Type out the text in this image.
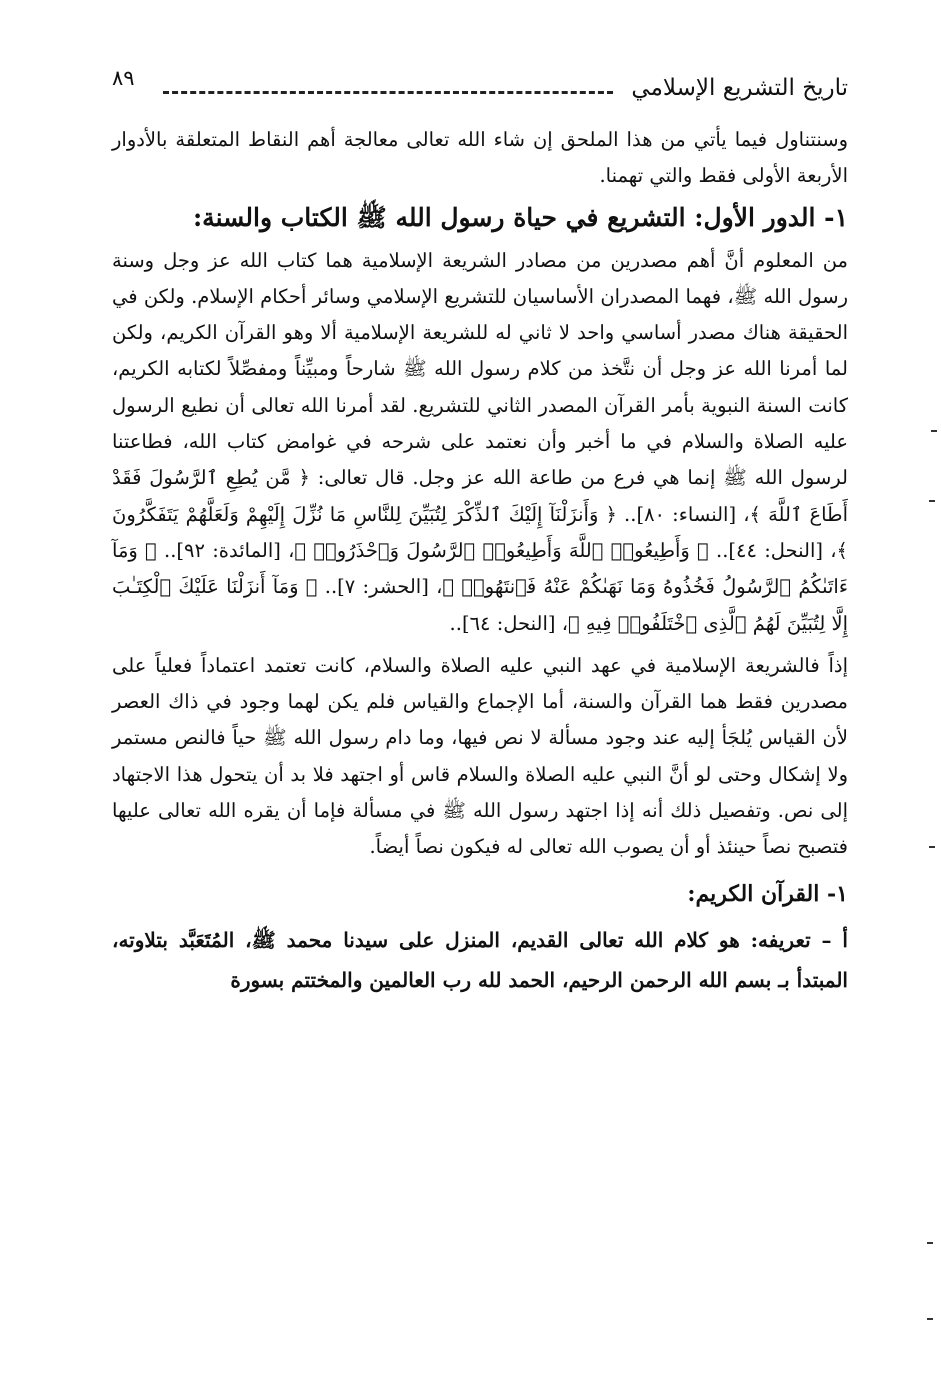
تاريخ التشريع الإسلامي
٨٩

وسنتناول فيما يأتي من هذا الملحق إن شاء الله تعالى معالجة أهم النقاط المتعلقة بالأدوار الأربعة الأولى فقط والتي تهمنا.

١- الدور الأول: التشريع في حياة رسول الله ﷺ الكتاب والسنة:

من المعلوم أنَّ أهم مصدرين من مصادر الشريعة الإسلامية هما كتاب الله عز وجل وسنة رسول الله ﷺ، فهما المصدران الأساسيان للتشريع الإسلامي وسائر أحكام الإسلام. ولكن في الحقيقة هناك مصدر أساسي واحد لا ثاني له للشريعة الإسلامية ألا وهو القرآن الكريم، ولكن لما أمرنا الله عز وجل أن نتَّخذ من كلام رسول الله ﷺ شارحاً ومبيِّناً ومفصِّلاً لكتابه الكريم، كانت السنة النبوية بأمر القرآن المصدر الثاني للتشريع. لقد أمرنا الله تعالى أن نطيع الرسول عليه الصلاة والسلام في ما أخبر وأن نعتمد على شرحه في غوامض كتاب الله، فطاعتنا لرسول الله ﷺ إنما هي فرع من طاعة الله عز وجل. قال تعالى: ﴿ مَّن يُطِعِ ٱلرَّسُولَ فَقَدْ أَطَاعَ ٱللَّهَ ﴾، [النساء: ٨٠].. ﴿ وَأَنزَلْنَآ إِلَيْكَ ٱلذِّكْرَ لِتُبَيِّنَ لِلنَّاسِ مَا نُزِّلَ إِلَيْهِمْ وَلَعَلَّهُمْ يَتَفَكَّرُونَ ﴾، [النحل: ٤٤].. ﴿ وَأَطِيعُوا۟ ٱللَّهَ وَأَطِيعُوا۟ ٱلرَّسُولَ وَٱحْذَرُوا۟ ﴾، [المائدة: ٩٢].. ﴿ وَمَآ ءَاتَىٰكُمُ ٱلرَّسُولُ فَخُذُوهُ وَمَا نَهَىٰكُمْ عَنْهُ فَٱنتَهُوا۟ ﴾، [الحشر: ٧].. ﴿ وَمَآ أَنزَلْنَا عَلَيْكَ ٱلْكِتَـٰبَ إِلَّا لِتُبَيِّنَ لَهُمُ ٱلَّذِى ٱخْتَلَفُوا۟ فِيهِ ﴾، [النحل: ٦٤]..

إذاً فالشريعة الإسلامية في عهد النبي عليه الصلاة والسلام، كانت تعتمد اعتماداً فعلياً على مصدرين فقط هما القرآن والسنة، أما الإجماع والقياس فلم يكن لهما وجود في ذاك العصر لأن القياس يُلجَأ إليه عند وجود مسألة لا نص فيها، وما دام رسول الله ﷺ حياً فالنص مستمر ولا إشكال وحتى لو أنَّ النبي عليه الصلاة والسلام قاس أو اجتهد فلا بد أن يتحول هذا الاجتهاد إلى نص. وتفصيل ذلك أنه إذا اجتهد رسول الله ﷺ في مسألة فإما أن يقره الله تعالى عليها فتصبح نصاً حينئذ أو أن يصوب الله تعالى له فيكون نصاً أيضاً.

١- القرآن الكريم:

أ – تعريفه: هو كلام الله تعالى القديم، المنزل على سيدنا محمد ﷺ، المُتَعَبَّد بتلاوته، المبتدأ بـ بسم الله الرحمن الرحيم، الحمد لله رب العالمين والمختتم بسورة
